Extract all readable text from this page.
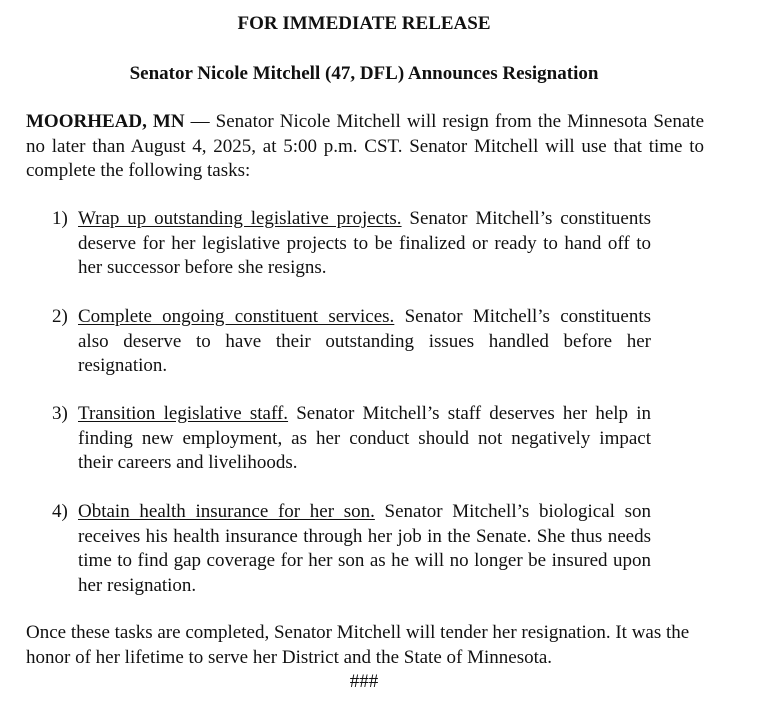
FOR IMMEDIATE RELEASE
Senator Nicole Mitchell (47, DFL) Announces Resignation
MOORHEAD, MN — Senator Nicole Mitchell will resign from the Minnesota Senate no later than August 4, 2025, at 5:00 p.m. CST. Senator Mitchell will use that time to complete the following tasks:
1) Wrap up outstanding legislative projects. Senator Mitchell’s constituents deserve for her legislative projects to be finalized or ready to hand off to her successor before she resigns.
2) Complete ongoing constituent services. Senator Mitchell’s constituents also deserve to have their outstanding issues handled before her resignation.
3) Transition legislative staff. Senator Mitchell’s staff deserves her help in finding new employment, as her conduct should not negatively impact their careers and livelihoods.
4) Obtain health insurance for her son. Senator Mitchell’s biological son receives his health insurance through her job in the Senate. She thus needs time to find gap coverage for her son as he will no longer be insured upon her resignation.
Once these tasks are completed, Senator Mitchell will tender her resignation. It was the honor of her lifetime to serve her District and the State of Minnesota.
###
